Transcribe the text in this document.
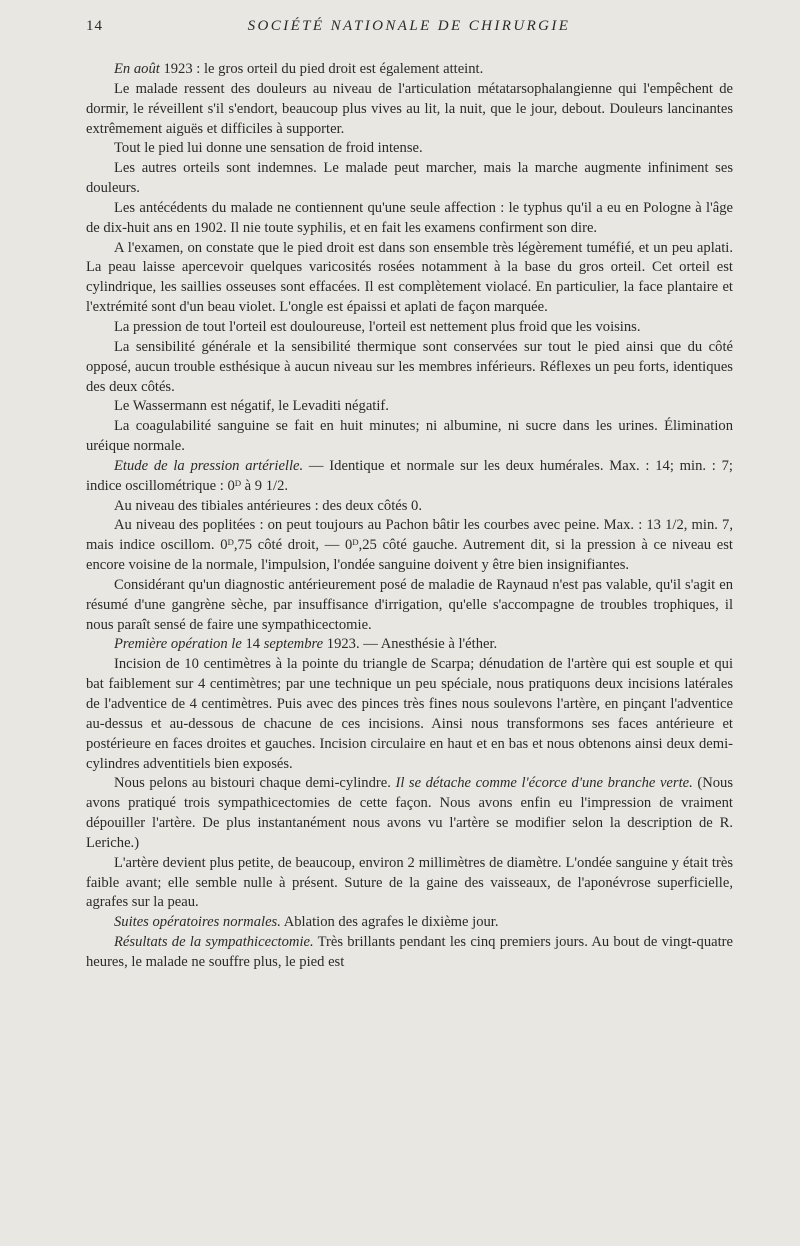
14	SOCIÉTÉ NATIONALE DE CHIRURGIE

En août 1923 : le gros orteil du pied droit est également atteint.

Le malade ressent des douleurs au niveau de l'articulation métatarsophalangienne qui l'empêchent de dormir, le réveillent s'il s'endort, beaucoup plus vives au lit, la nuit, que le jour, debout. Douleurs lancinantes extrêmement aiguës et difficiles à supporter.

Tout le pied lui donne une sensation de froid intense.

Les autres orteils sont indemnes. Le malade peut marcher, mais la marche augmente infiniment ses douleurs.

Les antécédents du malade ne contiennent qu'une seule affection : le typhus qu'il a eu en Pologne à l'âge de dix-huit ans en 1902. Il nie toute syphilis, et en fait les examens confirment son dire.

A l'examen, on constate que le pied droit est dans son ensemble très légèrement tuméfié, et un peu aplati. La peau laisse apercevoir quelques varicosités rosées notamment à la base du gros orteil. Cet orteil est cylindrique, les saillies osseuses sont effacées. Il est complètement violacé. En particulier, la face plantaire et l'extrémité sont d'un beau violet. L'ongle est épaissi et aplati de façon marquée.

La pression de tout l'orteil est douloureuse, l'orteil est nettement plus froid que les voisins.

La sensibilité générale et la sensibilité thermique sont conservées sur tout le pied ainsi que du côté opposé, aucun trouble esthésique à aucun niveau sur les membres inférieurs. Réflexes un peu forts, identiques des deux côtés.

Le Wassermann est négatif, le Levaditi négatif.

La coagulabilité sanguine se fait en huit minutes; ni albumine, ni sucre dans les urines. Élimination uréique normale.

Etude de la pression artérielle. — Identique et normale sur les deux humérales. Max. : 14; min. : 7; indice oscillométrique : 0ᴰ à 9 1/2.

Au niveau des tibiales antérieures : des deux côtés 0.

Au niveau des poplitées : on peut toujours au Pachon bâtir les courbes avec peine. Max. : 13 1/2, min. 7, mais indice oscillom. 0ᴰ,75 côté droit, — 0ᴰ,25 côté gauche. Autrement dit, si la pression à ce niveau est encore voisine de la normale, l'impulsion, l'ondée sanguine doivent y être bien insignifiantes.

Considérant qu'un diagnostic antérieurement posé de maladie de Raynaud n'est pas valable, qu'il s'agit en résumé d'une gangrène sèche, par insuffisance d'irrigation, qu'elle s'accompagne de troubles trophiques, il nous paraît sensé de faire une sympathicectomie.

Première opération le 14 septembre 1923. — Anesthésie à l'éther.

Incision de 10 centimètres à la pointe du triangle de Scarpa; dénudation de l'artère qui est souple et qui bat faiblement sur 4 centimètres; par une technique un peu spéciale, nous pratiquons deux incisions latérales de l'adventice de 4 centimètres. Puis avec des pinces très fines nous soulevons l'artère, en pinçant l'adventice au-dessus et au-dessous de chacune de ces incisions. Ainsi nous transformons ses faces antérieure et postérieure en faces droites et gauches. Incision circulaire en haut et en bas et nous obtenons ainsi deux demi-cylindres adventitiels bien exposés.

Nous pelons au bistouri chaque demi-cylindre. Il se détache comme l'écorce d'une branche verte. (Nous avons pratiqué trois sympathicectomies de cette façon. Nous avons enfin eu l'impression de vraiment dépouiller l'artère. De plus instantanément nous avons vu l'artère se modifier selon la description de R. Leriche.)

L'artère devient plus petite, de beaucoup, environ 2 millimètres de diamètre. L'ondée sanguine y était très faible avant; elle semble nulle à présent. Suture de la gaine des vaisseaux, de l'aponévrose superficielle, agrafes sur la peau.

Suites opératoires normales. Ablation des agrafes le dixième jour.

Résultats de la sympathicectomie. Très brillants pendant les cinq premiers jours. Au bout de vingt-quatre heures, le malade ne souffre plus, le pied est
